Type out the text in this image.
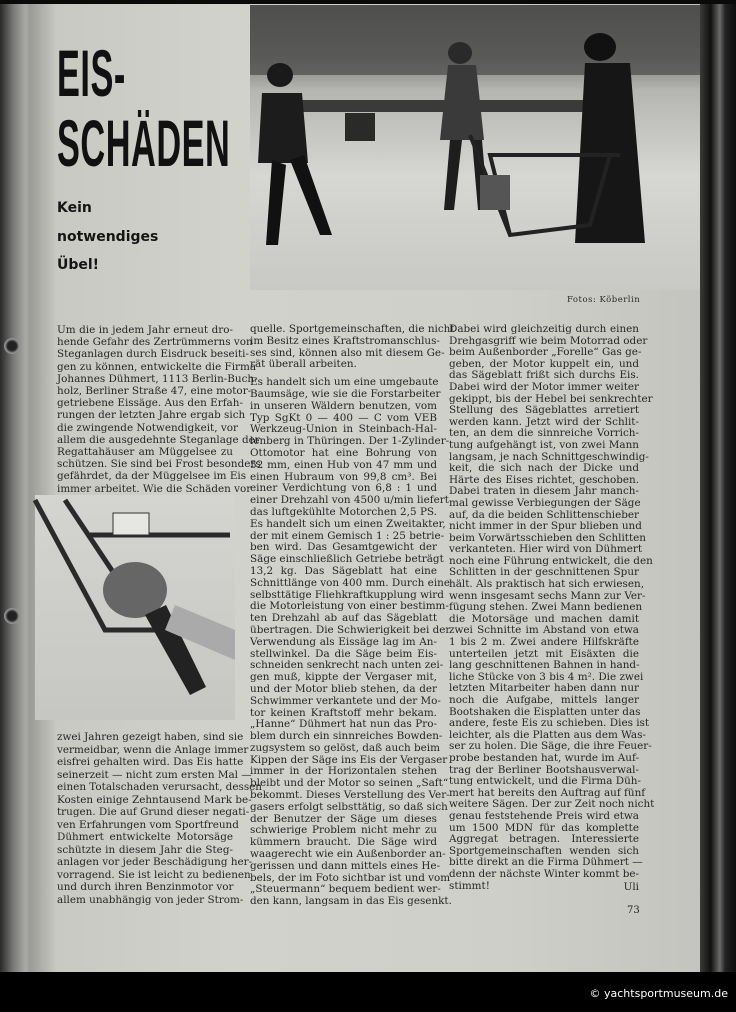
EIS-
SCHÄDEN
Kein
notwendiges
Übel!
Fotos: Köberlin
Um die in jedem Jahr erneut dro-
hende Gefahr des Zertrümmerns von
Steganlagen durch Eisdruck beseiti-
gen zu können, entwickelte die Firma
Johannes Dühmert, 1113 Berlin-Buch-
holz, Berliner Straße 47, eine motor-
getriebene Eissäge. Aus den Erfah-
rungen der letzten Jahre ergab sich
die zwingende Notwendigkeit, vor
allem die ausgedehnte Steganlage der
Regattahäuser am Müggelsee zu
schützen. Sie sind bei Frost besonders
gefährdet, da der Müggelsee im Eis
immer arbeitet. Wie die Schäden vor
zwei Jahren gezeigt haben, sind sie
vermeidbar, wenn die Anlage immer
eisfrei gehalten wird. Das Eis hatte
seinerzeit — nicht zum ersten Mal —
einen Totalschaden verursacht, dessen
Kosten einige Zehntausend Mark be-
trugen. Die auf Grund dieser negati-
ven Erfahrungen vom Sportfreund
Dühmert entwickelte Motorsäge
schützte in diesem Jahr die Steg-
anlagen vor jeder Beschädigung her-
vorragend. Sie ist leicht zu bedienen
und durch ihren Benzinmotor vor
allem unabhängig von jeder Strom-
quelle. Sportgemeinschaften, die nicht
im Besitz eines Kraftstromanschlus-
ses sind, können also mit diesem Ge-
rät überall arbeiten.
Es handelt sich um eine umgebaute
Baumsäge, wie sie die Forstarbeiter
in unseren Wäldern benutzen, vom
Typ SgKt 0 — 400 — C vom VEB
Werkzeug-Union in Steinbach-Hal-
lenberg in Thüringen. Der 1-Zylinder-
Ottomotor hat eine Bohrung von
52 mm, einen Hub von 47 mm und
einen Hubraum von 99,8 cm³. Bei
einer Verdichtung von 6,8 : 1 und
einer Drehzahl von 4500 u/min liefert
das luftgekühlte Motorchen 2,5 PS.
Es handelt sich um einen Zweitakter,
der mit einem Gemisch 1 : 25 betrie-
ben wird. Das Gesamtgewicht der
Säge einschließlich Getriebe beträgt
13,2 kg. Das Sägeblatt hat eine
Schnittlänge von 400 mm. Durch eine
selbsttätige Fliehkraftkupplung wird
die Motorleistung von einer bestimm-
ten Drehzahl ab auf das Sägeblatt
übertragen. Die Schwierigkeit bei der
Verwendung als Eissäge lag im An-
stellwinkel. Da die Säge beim Eis-
schneiden senkrecht nach unten zei-
gen muß, kippte der Vergaser mit,
und der Motor blieb stehen, da der
Schwimmer verkantete und der Mo-
tor keinen Kraftstoff mehr bekam.
„Hanne“ Dühmert hat nun das Pro-
blem durch ein sinnreiches Bowden-
zugsystem so gelöst, daß auch beim
Kippen der Säge ins Eis der Vergaser
immer in der Horizontalen stehen
bleibt und der Motor so seinen „Saft“
bekommt. Dieses Verstellung des Ver-
gasers erfolgt selbsttätig, so daß sich
der Benutzer der Säge um dieses
schwierige Problem nicht mehr zu
kümmern braucht. Die Säge wird
waagerecht wie ein Außenborder an-
gerissen und dann mittels eines He-
bels, der im Foto sichtbar ist und vom
„Steuermann“ bequem bedient wer-
den kann, langsam in das Eis gesenkt.
Dabei wird gleichzeitig durch einen
Drehgasgriff wie beim Motorrad oder
beim Außenborder „Forelle“ Gas ge-
geben, der Motor kuppelt ein, und
das Sägeblatt frißt sich durchs Eis.
Dabei wird der Motor immer weiter
gekippt, bis der Hebel bei senkrechter
Stellung des Sägeblattes arretiert
werden kann. Jetzt wird der Schlit-
ten, an dem die sinnreiche Vorrich-
tung aufgehängt ist, von zwei Mann
langsam, je nach Schnittgeschwindig-
keit, die sich nach der Dicke und
Härte des Eises richtet, geschoben.
Dabei traten in diesem Jahr manch-
mal gewisse Verbiegungen der Säge
auf, da die beiden Schlittenschieber
nicht immer in der Spur blieben und
beim Vorwärtsschieben den Schlitten
verkanteten. Hier wird von Dühmert
noch eine Führung entwickelt, die den
Schlitten in der geschnittenen Spur
hält. Als praktisch hat sich erwiesen,
wenn insgesamt sechs Mann zur Ver-
fügung stehen. Zwei Mann bedienen
die Motorsäge und machen damit
zwei Schnitte im Abstand von etwa
1 bis 2 m. Zwei andere Hilfskräfte
unterteilen jetzt mit Eisäxten die
lang geschnittenen Bahnen in hand-
liche Stücke von 3 bis 4 m². Die zwei
letzten Mitarbeiter haben dann nur
noch die Aufgabe, mittels langer
Bootshaken die Eisplatten unter das
andere, feste Eis zu schieben. Dies ist
leichter, als die Platten aus dem Was-
ser zu holen. Die Säge, die ihre Feuer-
probe bestanden hat, wurde im Auf-
trag der Berliner Bootshausverwal-
tung entwickelt, und die Firma Düh-
mert hat bereits den Auftrag auf fünf
weitere Sägen. Der zur Zeit noch nicht
genau feststehende Preis wird etwa
um 1500 MDN für das komplette
Aggregat betragen. Interessierte
Sportgemeinschaften wenden sich
bitte direkt an die Firma Dühmert —
denn der nächste Winter kommt be-
stimmt!	Uli
73
© yachtsportmuseum.de
